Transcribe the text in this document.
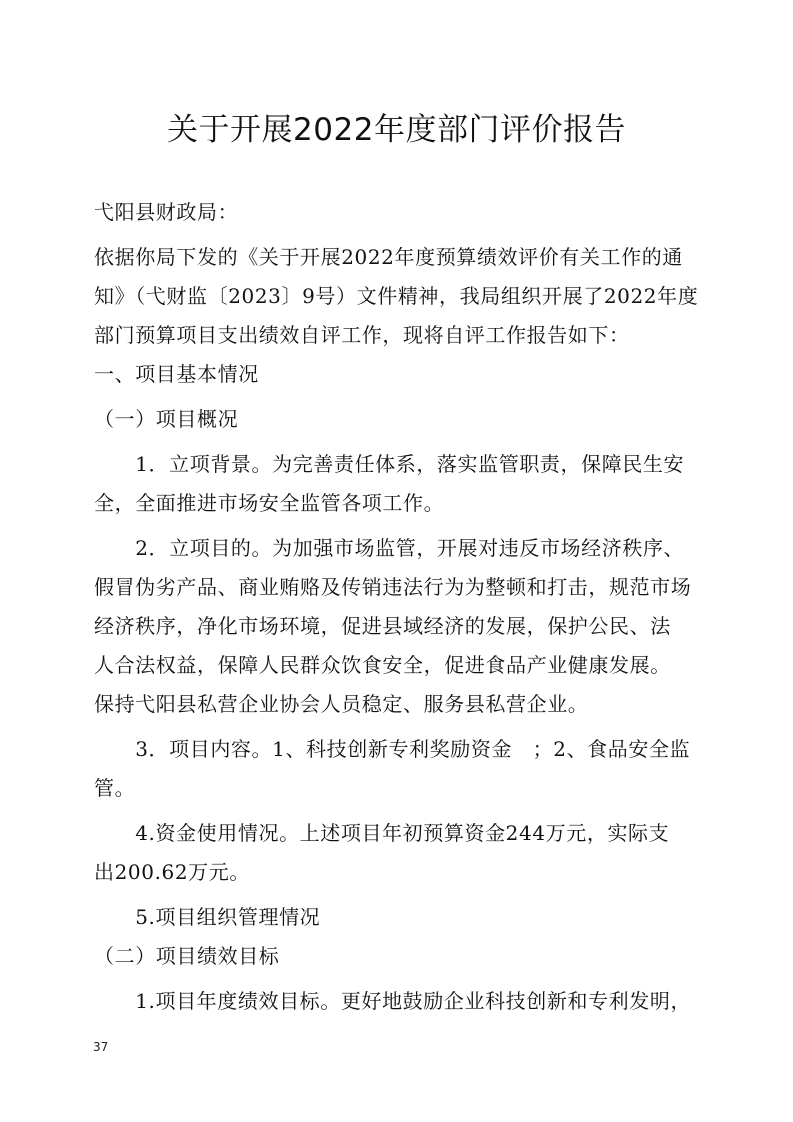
关于开展2022年度部门评价报告
弋阳县财政局：
依据你局下发的《关于开展2022年度预算绩效评价有关工作的通
知》（弋财监〔2023〕9号）文件精神，我局组织开展了2022年度
部门预算项目支出绩效自评工作，现将自评工作报告如下：
一、项目基本情况
（一）项目概况
　　1．立项背景。为完善责任体系，落实监管职责，保障民生安
全，全面推进市场安全监管各项工作。
　　2．立项目的。为加强市场监管，开展对违反市场经济秩序、
假冒伪劣产品、商业贿赂及传销违法行为为整顿和打击，规范市场
经济秩序，净化市场环境，促进县域经济的发展，保护公民、法
人合法权益，保障人民群众饮食安全，促进食品产业健康发展。
保持弋阳县私营企业协会人员稳定、服务县私营企业。
　　3．项目内容。1、科技创新专利奖励资金　；2、食品安全监
管。
　　4.资金使用情况。上述项目年初预算资金244万元，实际支
出200.62万元。
　　5.项目组织管理情况
（二）项目绩效目标
　　1.项目年度绩效目标。更好地鼓励企业科技创新和专利发明，
37
